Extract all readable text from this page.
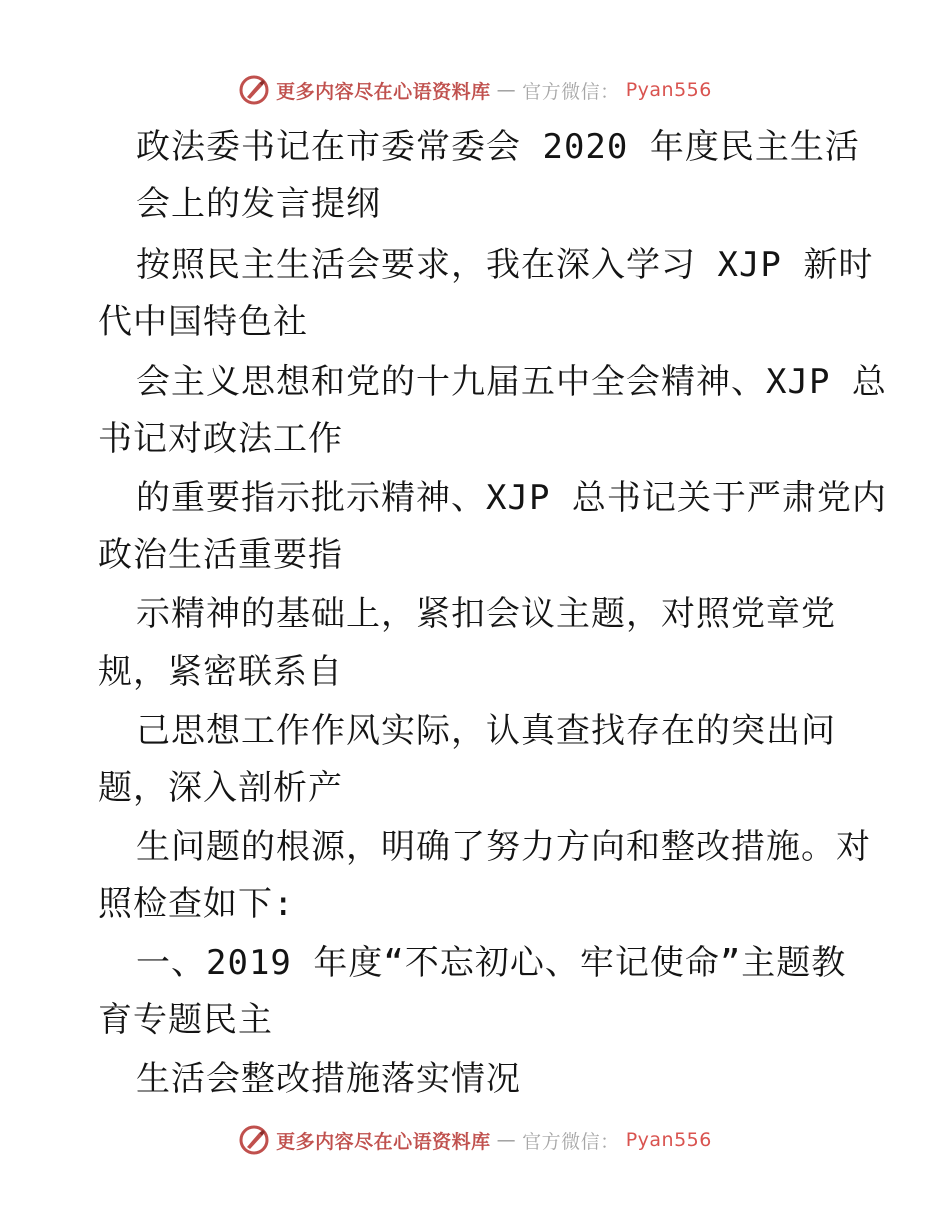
更多内容尽在心语资料库 — 官方微信： Pyan556
政法委书记在市委常委会 2020 年度民主生活
会上的发言提纲
按照民主生活会要求，我在深入学习 XJP 新时
代中国特色社
会主义思想和党的十九届五中全会精神、XJP 总
书记对政法工作
的重要指示批示精神、XJP 总书记关于严肃党内
政治生活重要指
示精神的基础上，紧扣会议主题，对照党章党
规，紧密联系自
己思想工作作风实际，认真查找存在的突出问
题，深入剖析产
生问题的根源，明确了努力方向和整改措施。对
照检查如下:
一、2019 年度“不忘初心、牢记使命”主题教
育专题民主
生活会整改措施落实情况
更多内容尽在心语资料库 — 官方微信： Pyan556
